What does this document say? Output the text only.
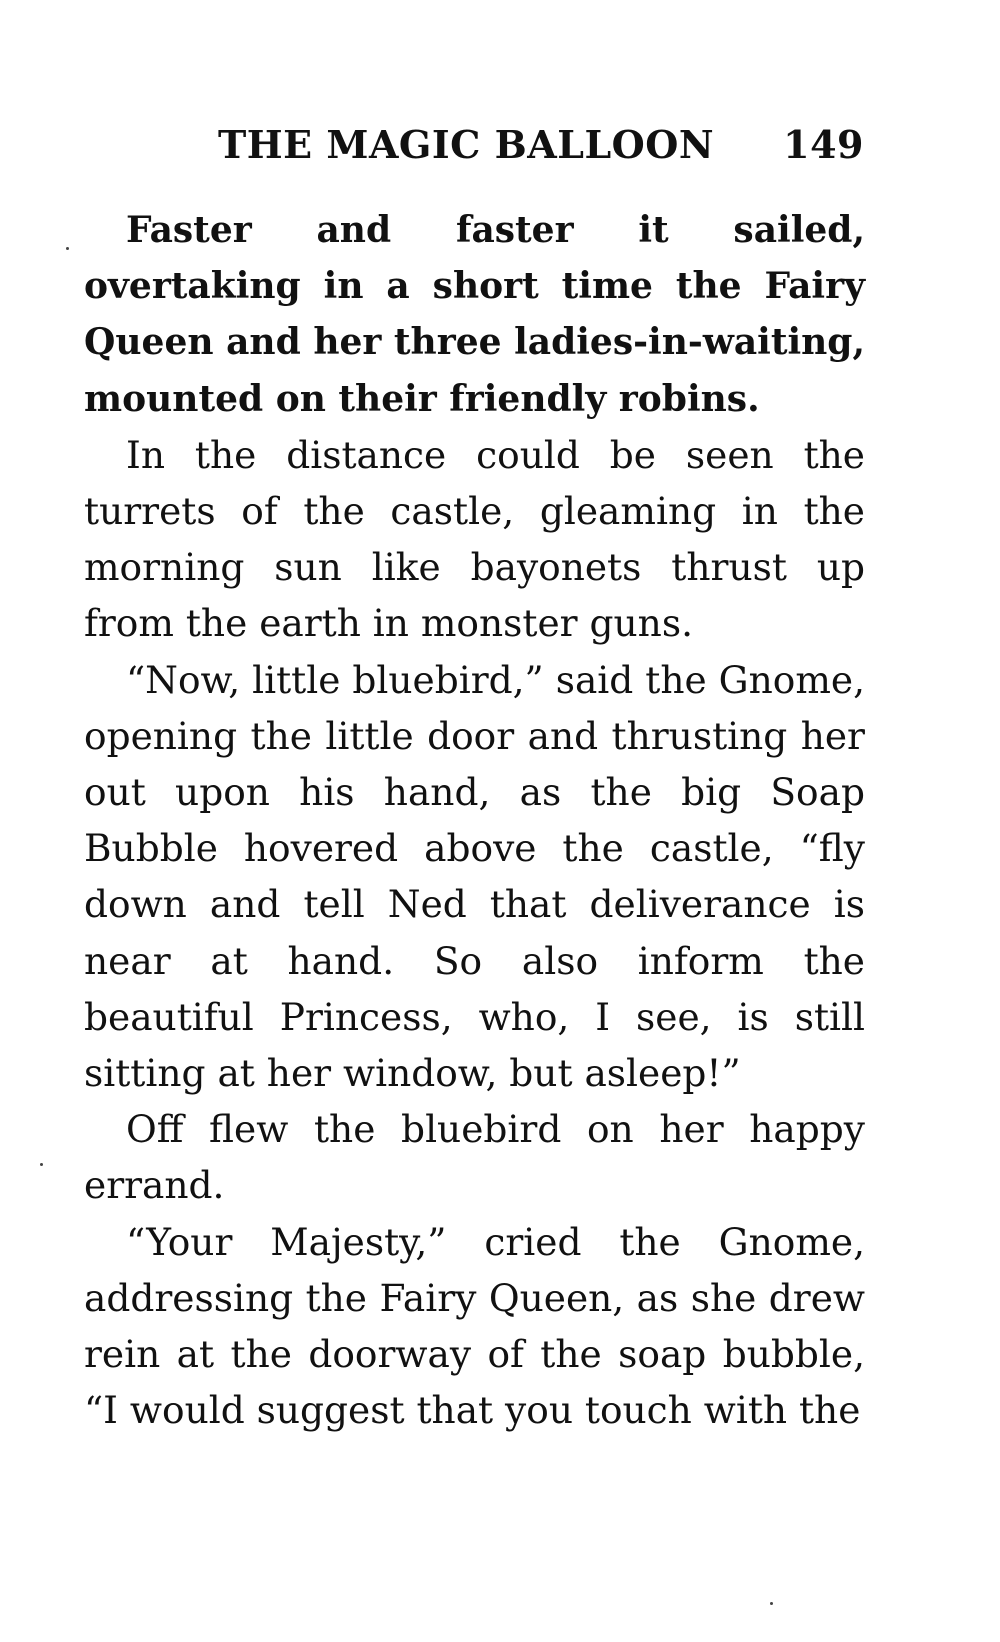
THE MAGIC BALLOON 149

Faster and faster it sailed, overtaking in a short time the Fairy Queen and her three ladies-in-waiting, mounted on their friendly robins.

In the distance could be seen the turrets of the castle, gleaming in the morning sun like bayonets thrust up from the earth in monster guns.

“Now, little bluebird,” said the Gnome, opening the little door and thrusting her out upon his hand, as the big Soap Bubble hovered above the castle, “fly down and tell Ned that deliverance is near at hand. So also inform the beautiful Princess, who, I see, is still sitting at her window, but asleep!”

Off flew the bluebird on her happy errand.

“Your Majesty,” cried the Gnome, addressing the Fairy Queen, as she drew rein at the doorway of the soap bubble, “I would suggest that you touch with the
